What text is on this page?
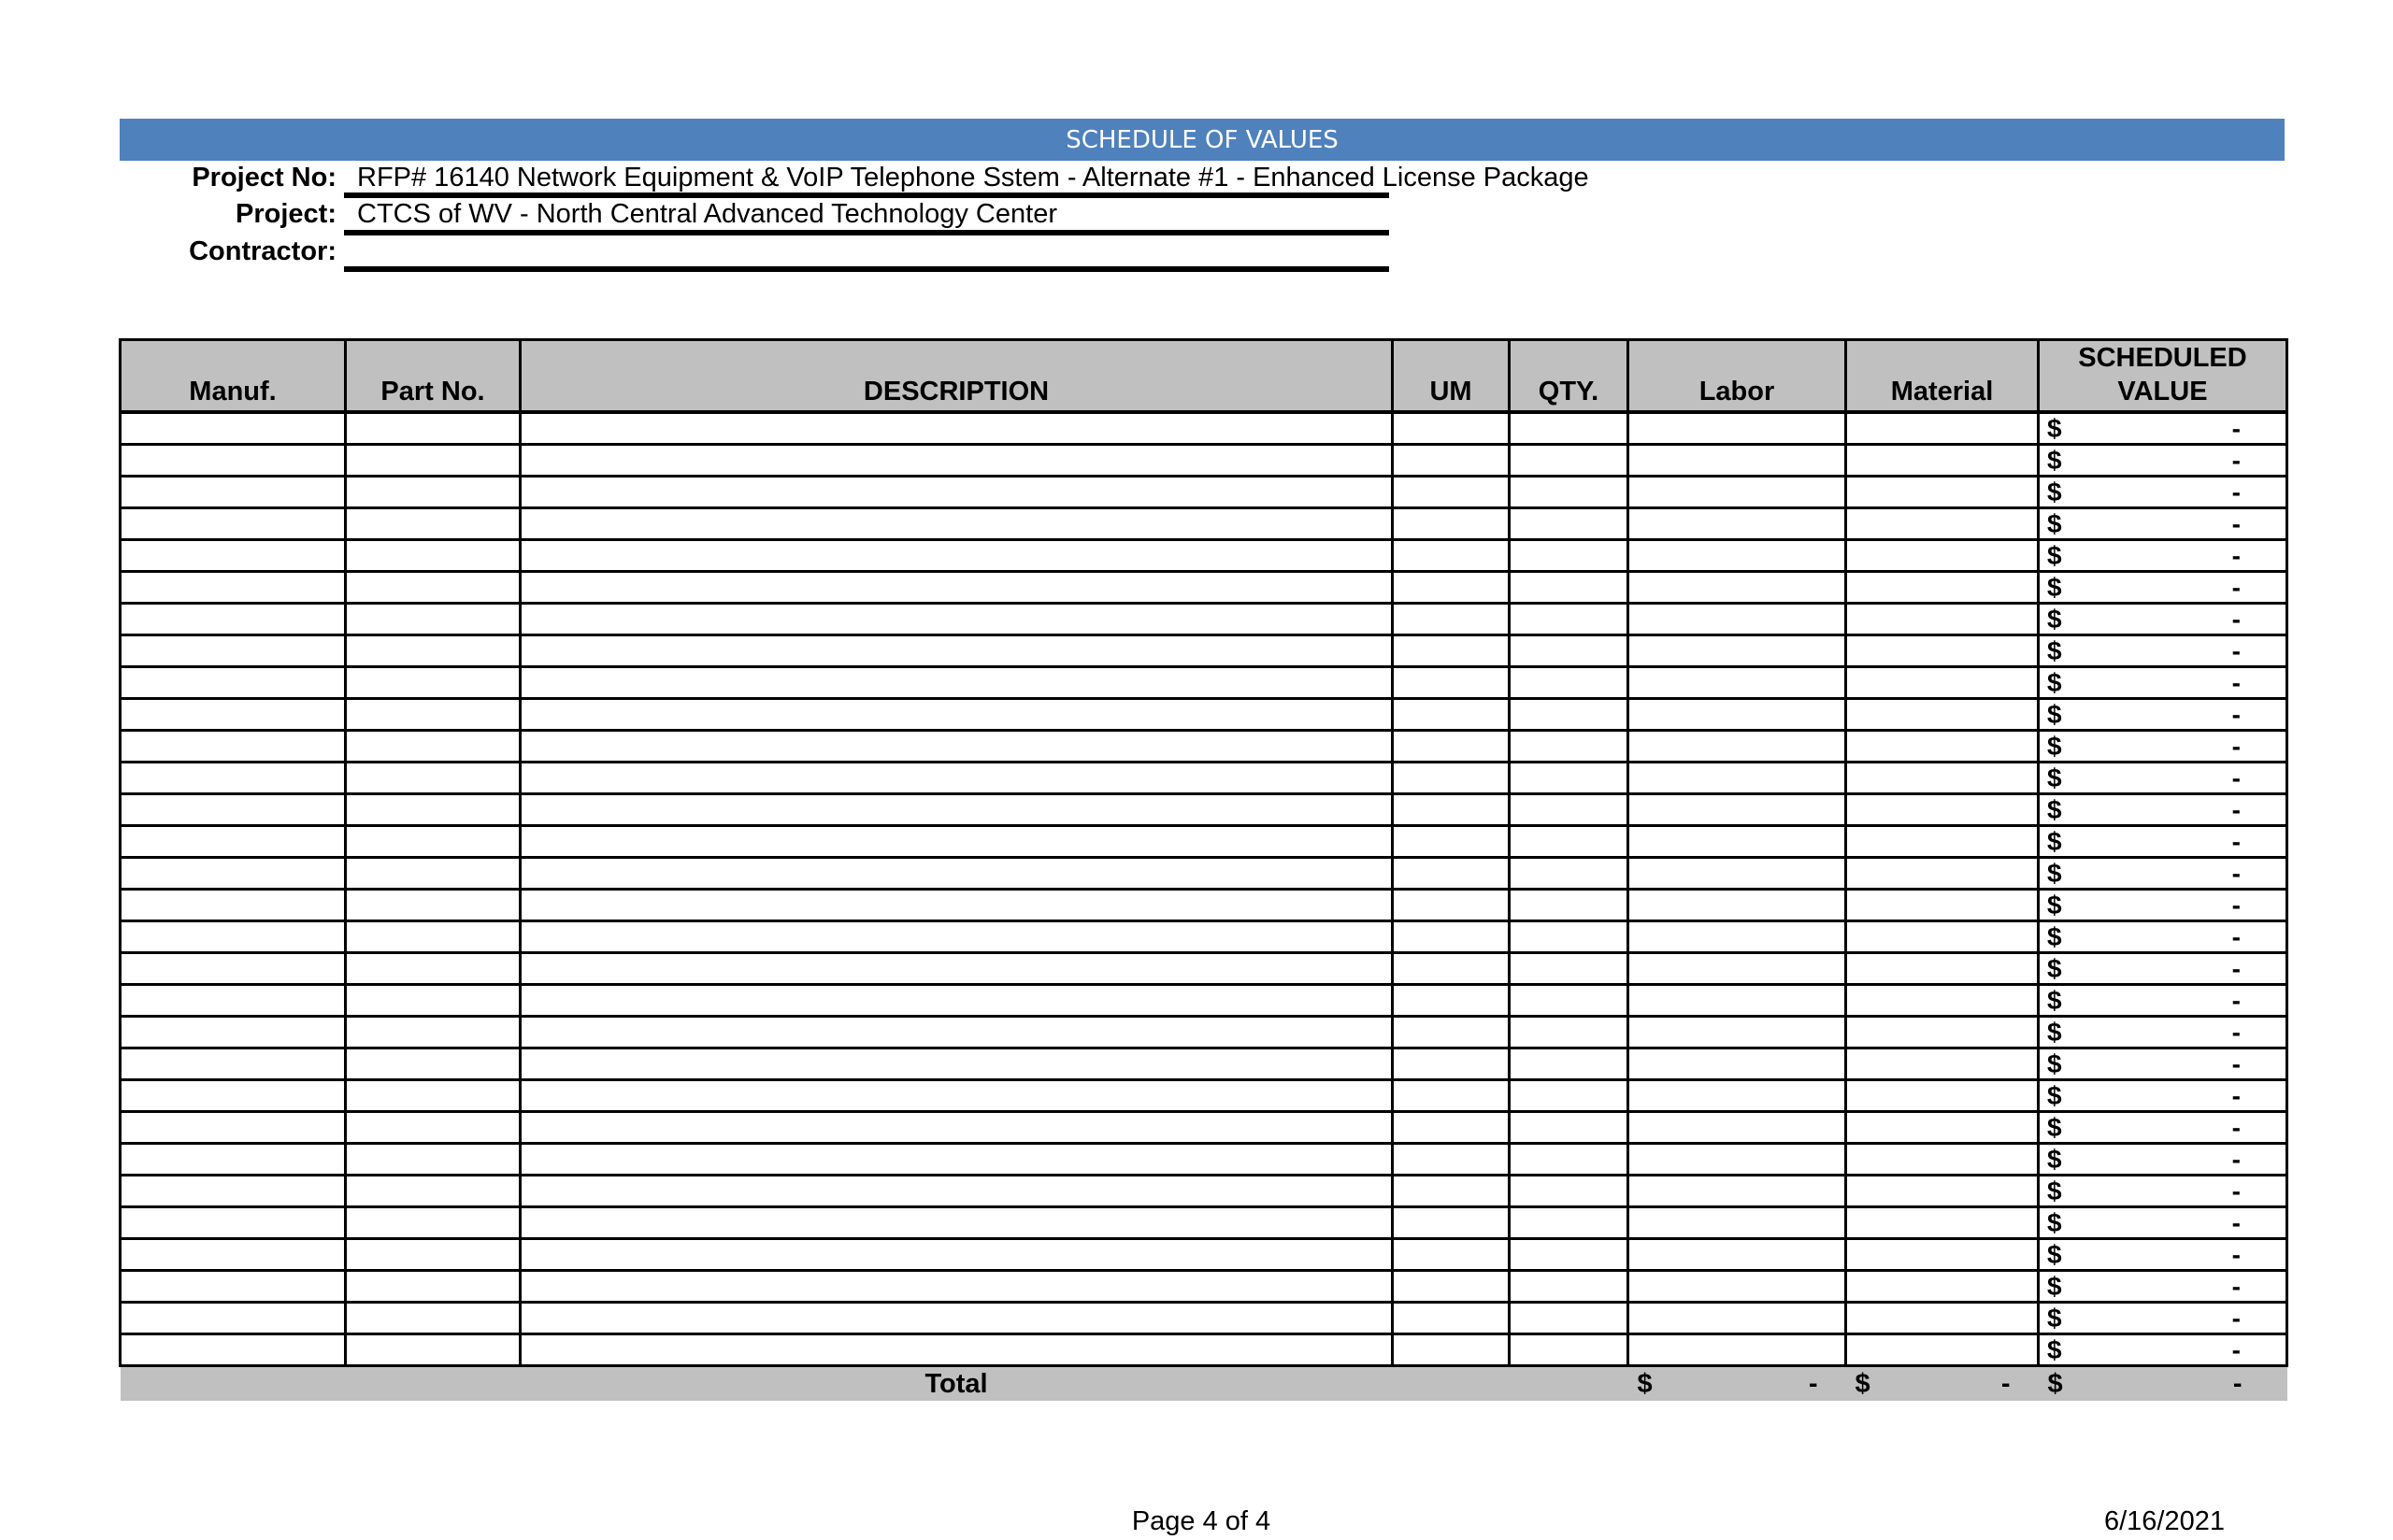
SCHEDULE OF VALUES
Project No: RFP# 16140 Network Equipment & VoIP Telephone Sstem - Alternate #1 - Enhanced License Package
Project: CTCS of WV - North Central Advanced Technology Center
Contractor:
Manuf.	Part No.	DESCRIPTION	UM	QTY.	Labor	Material	SCHEDULED
VALUE

							$ -

							$ -

							$ -

							$ -

							$ -

							$ -

							$ -

							$ -

							$ -

							$ -

							$ -

							$ -

							$ -

							$ -

							$ -

							$ -

							$ -

							$ -

							$ -

							$ -

							$ -

							$ -

							$ -

							$ -

							$ -

							$ -

							$ -

							$ -

							$ -

							$ -

		Total			$ -	$ -	$ -
Page 4 of 4	6/16/2021
